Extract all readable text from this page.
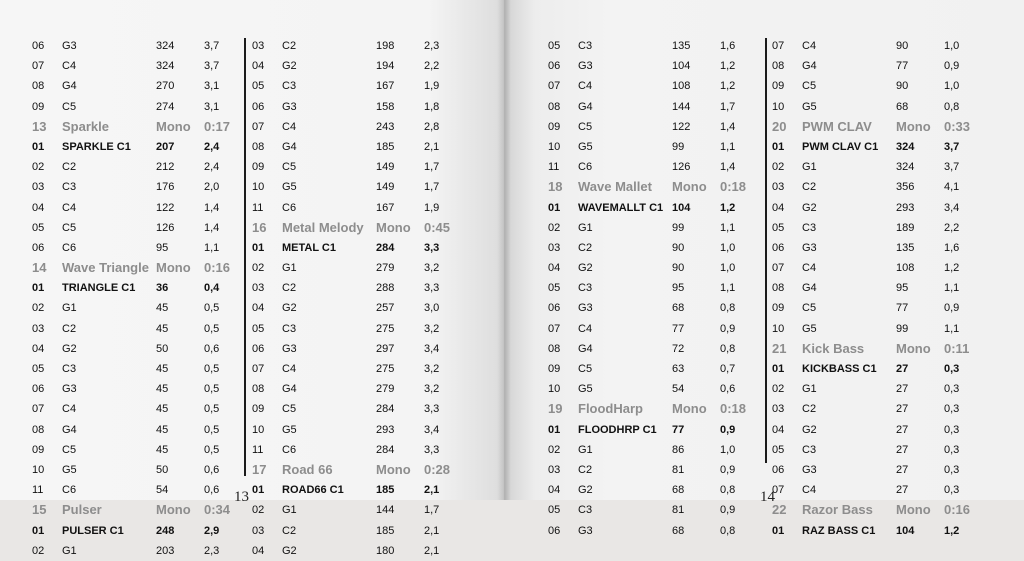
06 G3	324	3,7
07 C4	324	3,7
08 G4	270	3,1
09 C5	274	3,1
13 Sparkle	Mono 0:17
01 SPARKLE C1 207	2,4
02 C2	212	2,4
03 C3	176	2,0
04 C4	122	1,4
05 C5	126	1,4
06 C6	95	1,1
14 Wave Triangle Mono 0:16
01 TRIANGLE C1 36	0,4
02 G1	45	0,5
03 C2	45	0,5
04 G2	50	0,6
05 C3	45	0,5
06 G3	45	0,5
07 C4	45	0,5
08 G4	45	0,5
09 C5	45	0,5
10 G5	50	0,6
11 C6	54	0,6
15 Pulser	Mono 0:34
01 PULSER C1	248	2,9
02 G1	203	2,3
03 C2	198	2,3
04 G2	194	2,2
05 C3	167	1,9
06 G3	158	1,8
07 C4	243	2,8
08 G4	185	2,1
09 C5	149	1,7
10 G5	149	1,7
11 C6	167	1,9
16 Metal Melody Mono 0:45
01 METAL C1	284	3,3
02 G1	279	3,2
03 C2	288	3,3
04 G2	257	3,0
05 C3	275	3,2
06 G3	297	3,4
07 C4	275	3,2
08 G4	279	3,2
09 C5	284	3,3
10 G5	293	3,4
11 C6	284	3,3
17 Road 66	Mono 0:28
01 ROAD66 C1	185	2,1
02 G1	144	1,7
03 C2	185	2,1
04 G2	180	2,1
13
05 C3	135	1,6
06 G3	104	1,2
07 C4	108	1,2
08 G4	144	1,7
09 C5	122	1,4
10 G5	99	1,1
11 C6	126	1,4
18 Wave Mallet Mono 0:18
01 WAVEMALLT C1 104	1,2
02 G1	99	1,1
03 C2	90	1,0
04 G2	90	1,0
05 C3	95	1,1
06 G3	68	0,8
07 C4	77	0,9
08 G4	72	0,8
09 C5	63	0,7
10 G5	54	0,6
19 FloodHarp Mono 0:18
01 FLOODHRP C1 77	0,9
02 G1	86	1,0
03 C2	81	0,9
04 G2	68	0,8
05 C3	81	0,9
06 G3	68	0,8
07 C4	90	1,0
08 G4	77	0,9
09 C5	90	1,0
10 G5	68	0,8
20 PWM CLAV Mono 0:33
01 PWM CLAV C1 324	3,7
02 G1	324	3,7
03 C2	356	4,1
04 G2	293	3,4
05 C3	189	2,2
06 G3	135	1,6
07 C4	108	1,2
08 G4	95	1,1
09 C5	77	0,9
10 G5	99	1,1
21 Kick Bass Mono 0:11
01 KICKBASS C1 27	0,3
02 G1	27	0,3
03 C2	27	0,3
04 G2	27	0,3
05 C3	27	0,3
06 G3	27	0,3
07 C4	27	0,3
22 Razor Bass Mono 0:16
01 RAZ BASS C1 104	1,2
14
